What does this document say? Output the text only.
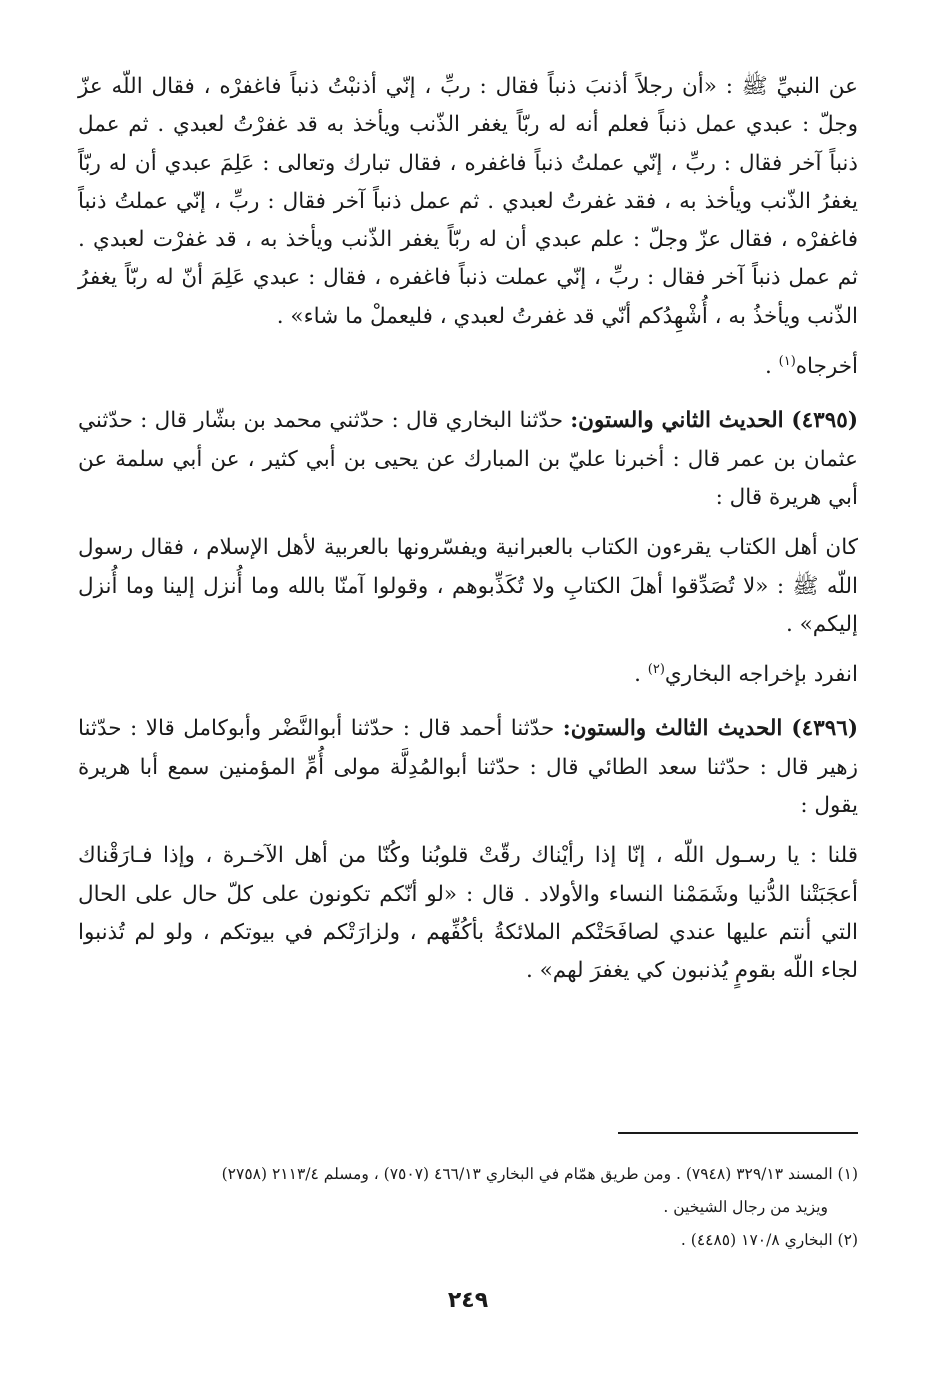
عن النبيِّ ﷺ : «أن رجلاً أذنبَ ذنباً فقال : ربِّ ، إنّي أذنبْتُ ذنباً فاغفرْه ، فقال اللّه عزّ وجلّ : عبدي عمل ذنباً فعلم أنه له ربّاً يغفر الذّنب ويأخذ به قد غفرْتُ لعبدي . ثم عمل ذنباً آخر فقال : ربِّ ، إنّي عملتُ ذنباً فاغفره ، فقال تبارك وتعالى : عَلِمَ عبدي أن له ربّاً يغفرُ الذّنب ويأخذ به ، فقد غفرتُ لعبدي . ثم عمل ذنباً آخر فقال : ربِّ ، إنّي عملتُ ذنباً فاغفرْه ، فقال عزّ وجلّ : علم عبدي أن له ربّاً يغفر الذّنب ويأخذ به ، قد غفرْت لعبدي . ثم عمل ذنباً آخر فقال : ربِّ ، إنّي عملت ذنباً فاغفره ، فقال : عبدي عَلِمَ أنّ له ربّاً يغفرُ الذّنب ويأخذُ به ، أُشْهِدُكم أنّي قد غفرتُ لعبدي ، فليعملْ ما شاء» .

أخرجاه$^{(١)}$ .

(٤٣٩٥) الحديث الثاني والستون: حدّثنا البخاري قال : حدّثني محمد بن بشّار قال : حدّثني عثمان بن عمر قال : أخبرنا عليّ بن المبارك عن يحيى بن أبي كثير ، عن أبي سلمة عن أبي هريرة قال :

كان أهل الكتاب يقرءون الكتاب بالعبرانية ويفسّرونها بالعربية لأهل الإسلام ، فقال رسول اللّه ﷺ : «لا تُصَدِّقوا أهلَ الكتابِ ولا تُكَذِّبوهم ، وقولوا آمنّا بالله وما أُنزل إلينا وما أُنزل إليكم» .

انفرد بإخراجه البخاري$^{(٢)}$ .

(٤٣٩٦) الحديث الثالث والستون: حدّثنا أحمد قال : حدّثنا أبوالنَّضْر وأبوكامل قالا : حدّثنا زهير قال : حدّثنا سعد الطائي قال : حدّثنا أبوالمُدِلَّة مولى أُمِّ المؤمنين سمع أبا هريرة يقول :

قلنا : يا رسـول اللّه ، إنّا إذا رأيْناك رقّتْ قلوبُنا وكُنّا من أهل الآخـرة ، وإذا فـارَقْناك أعجَبَتْنا الدُّنيا وشَمَمْنا النساء والأولاد . قال : «لو أنّكم تكونون على كلّ حال على الحال التي أنتم عليها عندي لصافَحَتْكم الملائكةُ بأكُفِّهم ، ولزارَتْكم في بيوتكم ، ولو لم تُذنبوا لجاء اللّه بقومٍ يُذنبون كي يغفرَ لهم» .

(١) المسند ٣٢٩/١٣ (٧٩٤٨) . ومن طريق همّام في البخاري ٤٦٦/١٣ (٧٥٠٧) ، ومسلم ٢١١٣/٤ (٢٧٥٨)
ويزيد من رجال الشيخين .
(٢) البخاري ١٧٠/٨ (٤٤٨٥) .
٢٤٩
